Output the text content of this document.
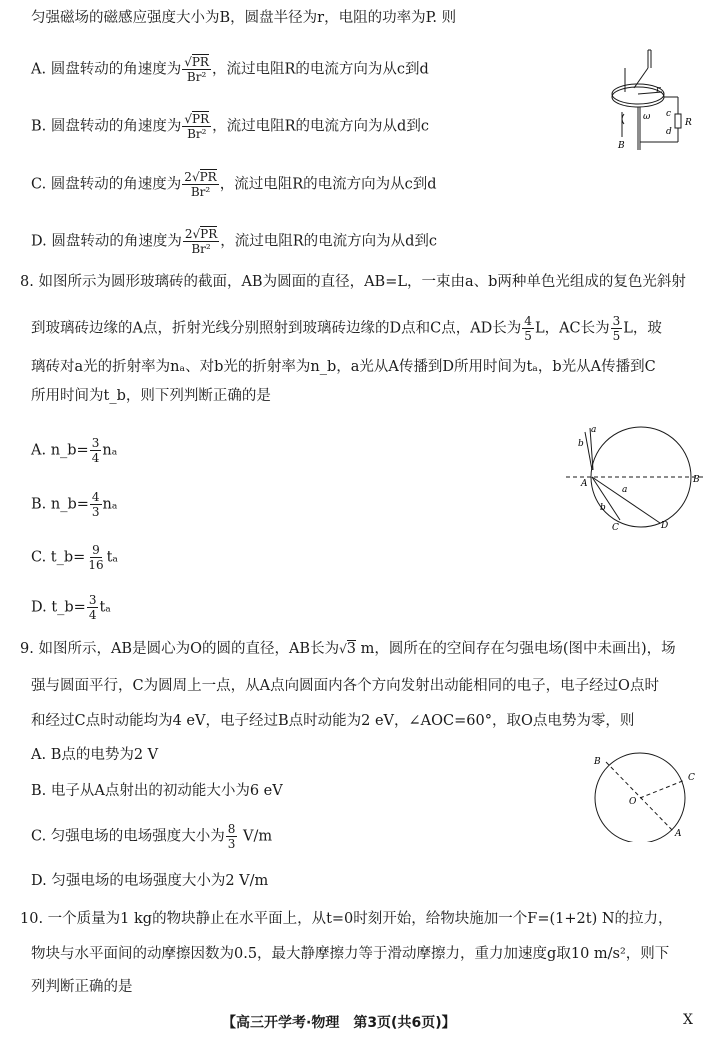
匀强磁场的磁感应强度大小为B，圆盘半径为r，电阻的功率为P. 则
A. 圆盘转动的角速度为 $\frac{√PR}{\text{Br²}}$ ，流过电阻R的电流方向为从c到d
B. 圆盘转动的角速度为 $\frac{√PR}{\text{Br²}}$ ，流过电阻R的电流方向为从d到c
C. 圆盘转动的角速度为 $\frac{2√PR}{\text{Br²}}$ ，流过电阻R的电流方向为从c到d
D. 圆盘转动的角速度为 $\frac{2√PR}{\text{Br²}}$ ，流过电阻R的电流方向为从d到c
r
ω c
d
R
B
8. 如图所示为圆形玻璃砖的截面，AB为圆面的直径，AB=L，一束由a、b两种单色光组成的复色光斜射
到玻璃砖边缘的A点，折射光线分别照射到玻璃砖边缘的D点和C点，AD长为 $\frac{4}{5}$ L，AC长为 $\frac{3}{5}$ L，玻
璃砖对a光的折射率为nₐ、对b光的折射率为n_b，a光从A传播到D所用时间为tₐ，b光从A传播到C
所用时间为t_b，则下列判断正确的是
A. n_b= $\frac{3}{4}$ nₐ
B. n_b= $\frac{4}{3}$ nₐ
C. t_b= $\frac{9}{16}$ tₐ
D. t_b= $\frac{3}{4}$ tₐ
a
b
A	B
C	D
a
b
9. 如图所示，AB是圆心为O的圆的直径，AB长为√3 m，圆所在的空间存在匀强电场(图中未画出)，场
强与圆面平行，C为圆周上一点，从A点向圆面内各个方向发射出动能相同的电子，电子经过O点时
和经过C点时动能均为4 eV，电子经过B点时动能为2 eV，∠AOC=60°，取O点电势为零，则
A. B点的电势为2 V
B. 电子从A点射出的初动能大小为6 eV
C. 匀强电场的电场强度大小为 $\frac{8}{3} V/m$
D. 匀强电场的电场强度大小为2 V/m
B
C
O
A
10. 一个质量为1 kg的物块静止在水平面上，从t=0时刻开始，给物块施加一个F=(1+2t) N的拉力，
物块与水平面间的动摩擦因数为0.5，最大静摩擦力等于滑动摩擦力，重力加速度g取10 m/s²，则下
列判断正确的是
【高三开学考·物理　第3页(共6页)】	X
